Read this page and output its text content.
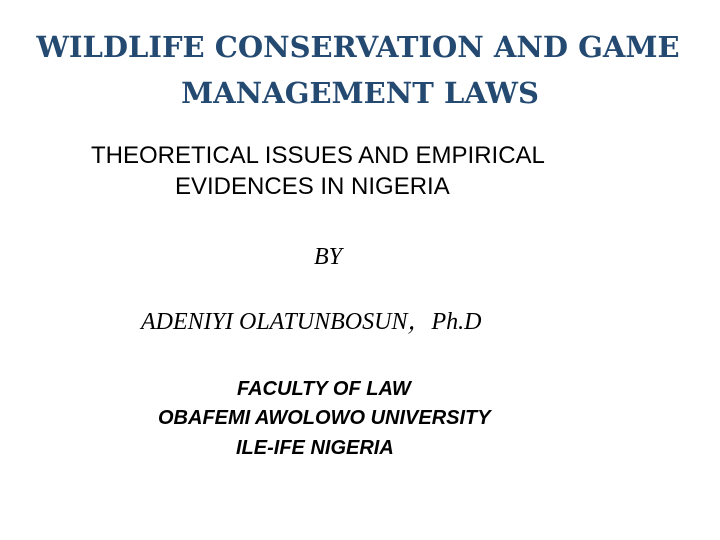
WILDLIFE CONSERVATION AND GAME
MANAGEMENT LAWS
THEORETICAL ISSUES AND EMPIRICAL
EVIDENCES IN NIGERIA
BY
ADENIYI OLATUNBOSUN，Ph.D
FACULTY OF LAW
OBAFEMI AWOLOWO UNIVERSITY
ILE-IFE NIGERIA
